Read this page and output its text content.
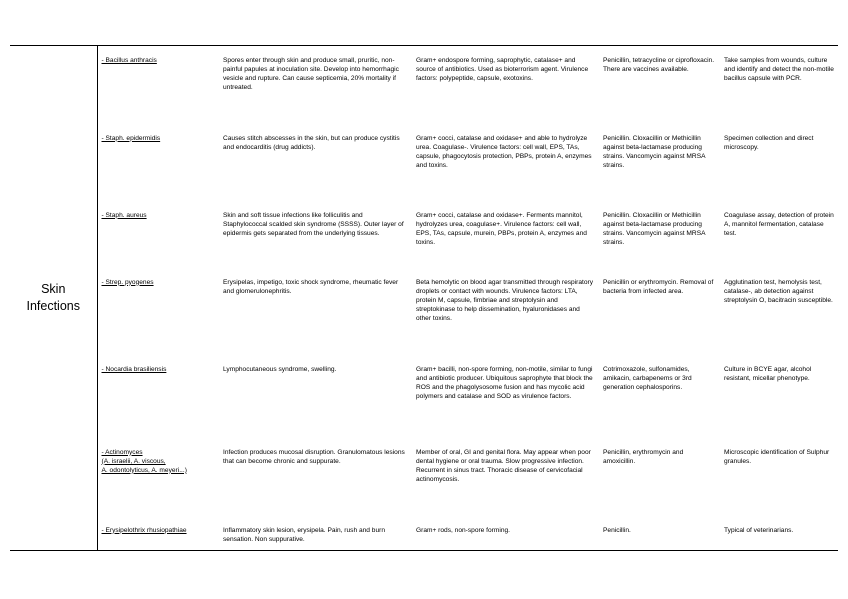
Skin
Infections	- Bacillus anthracis	Spores enter through skin and produce small, pruritic, non-painful papules at inoculation site. Develop into hemorrhagic vesicle and rupture. Can cause septicemia, 20% mortality if untreated.	Gram+ endospore forming, saprophytic, catalase+ and source of antibiotics. Used as bioterrorism agent. Virulence factors: polypeptide, capsule, exotoxins.	Penicillin, tetracycline or ciprofloxacin. There are vaccines available.	Take samples from wounds, culture and identify and detect the non-motile bacillus capsule with PCR.
	- Staph. epidermidis	Causes stitch abscesses in the skin, but can produce cystitis and endocarditis (drug addicts).	Gram+ cocci, catalase and oxidase+ and able to hydrolyze urea. Coagulase-. Virulence factors: cell wall, EPS, TAs, capsule, phagocytosis protection, PBPs, protein A, enzymes and toxins.	Penicillin. Cloxacillin or Methicillin against beta-lactamase producing strains. Vancomycin against MRSA strains.	Specimen collection and direct microscopy.
	- Staph. aureus	Skin and soft tissue infections like folliculitis and Staphylococcal scalded skin syndrome (SSSS). Outer layer of epidermis gets separated from the underlying tissues.	Gram+ cocci, catalase and oxidase+. Ferments mannitol, hydrolyzes urea, coagulase+. Virulence factors: cell wall, EPS, TAs, capsule, murein, PBPs, protein A, enzymes and toxins.	Penicillin. Cloxacillin or Methicillin against beta-lactamase producing strains. Vancomycin against MRSA strains.	Coagulase assay, detection of protein A, mannitol fermentation, catalase test.
	- Strep. pyogenes	Erysipelas, impetigo, toxic shock syndrome, rheumatic fever and glomerulonephritis.	Beta hemolytic on blood agar transmitted through respiratory droplets or contact with wounds. Virulence factors: LTA, protein M, capsule, fimbriae and streptolysin and streptokinase to help dissemination, hyaluronidases and other toxins.	Penicillin or erythromycin. Removal of bacteria from infected area.	Agglutination test, hemolysis test, catalase-, ab detection against streptolysin O, bacitracin susceptible.
	- Nocardia brasiliensis	Lymphocutaneous syndrome, swelling.	Gram+ bacilli, non-spore forming, non-motile, similar to fungi and antibiotic producer. Ubiquitous saprophyte that block the ROS and the phagolysosome fusion and has mycolic acid polymers and catalase and SOD as virulence factors.	Cotrimoxazole, sulfonamides, amikacin, carbapenems or 3rd generation cephalosporins.	Culture in BCYE agar, alcohol resistant, micellar phenotype.

	- Actinomyces
(A. israelii, A. viscous,
A. odontolyticus, A. meyeri...)	Infection produces mucosal disruption. Granulomatous lesions that can become chronic and suppurate.	Member of oral, GI and genital flora. May appear when poor dental hygiene or oral trauma. Slow progressive infection. Recurrent in sinus tract. Thoracic disease of cervicofacial actinomycosis.	Penicillin, erythromycin and amoxicillin.	Microscopic identification of Sulphur granules.
	- Erysipelothrix rhusiopathiae	Inflammatory skin lesion, erysipela. Pain, rush and burn sensation. Non suppurative.	Gram+ rods, non-spore forming.	Penicillin.	Typical of veterinarians.
